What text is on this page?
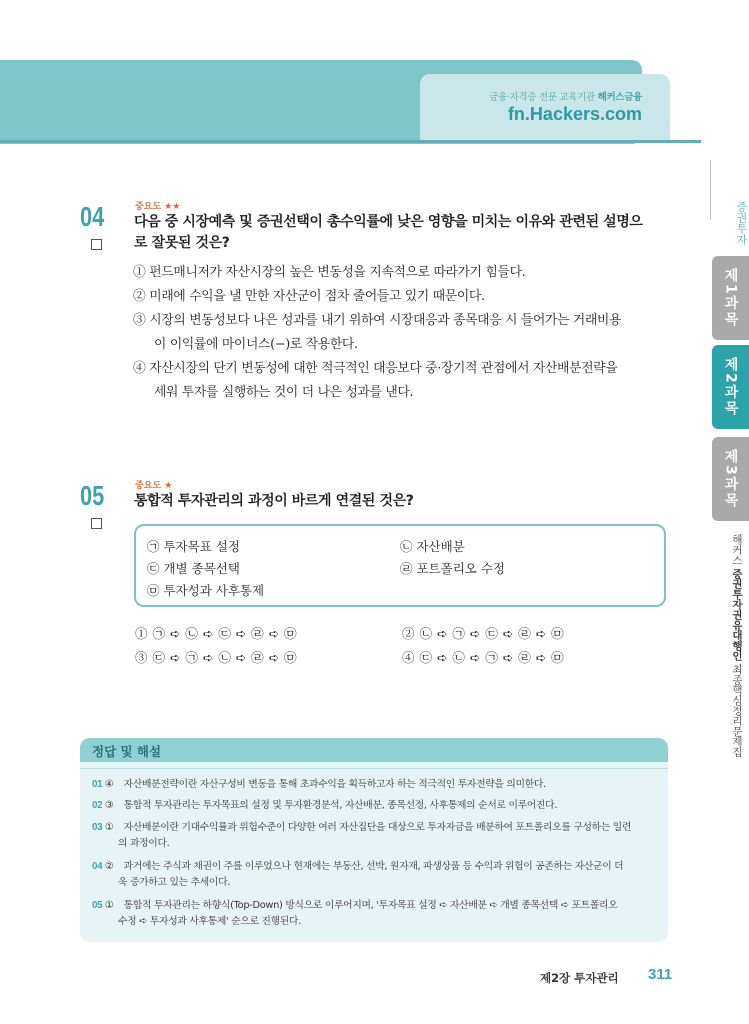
금융·자격증 전문 교육기관 해커스금융
fn.Hackers.com
증권투자
제1과목
제2과목
제3과목
해커스 증권투자권유대행인 최종핵심정리문제집
중요도 ★★
04 다음 중 시장예측 및 증권선택이 총수익률에 낮은 영향을 미치는 이유와 관련된 설명으
로 잘못된 것은?
① 펀드매니저가 자산시장의 높은 변동성을 지속적으로 따라가기 힘들다.
② 미래에 수익을 낼 만한 자산군이 점차 줄어들고 있기 때문이다.
③ 시장의 변동성보다 나은 성과를 내기 위하여 시장대응과 종목대응 시 들어가는 거래비용
이 이익률에 마이너스(−)로 작용한다.
④ 자산시장의 단기 변동성에 대한 적극적인 대응보다 중·장기적 관점에서 자산배분전략을
세워 투자를 실행하는 것이 더 나은 성과를 낸다.
중요도 ★
05 통합적 투자관리의 과정이 바르게 연결된 것은?
㉠ 투자목표 설정	㉡ 자산배분
㉢ 개별 종목선택	㉣ 포트폴리오 수정
㉤ 투자성과 사후통제
① ㉠ ➪ ㉡ ➪ ㉢ ➪ ㉣ ➪ ㉤	② ㉡ ➪ ㉠ ➪ ㉢ ➪ ㉣ ➪ ㉤
③ ㉢ ➪ ㉠ ➪ ㉡ ➪ ㉣ ➪ ㉤	④ ㉢ ➪ ㉡ ➪ ㉠ ➪ ㉣ ➪ ㉤
정답 및 해설
01 ④ 자산배분전략이란 자산구성비 변동을 통해 초과수익을 획득하고자 하는 적극적인 투자전략을 의미한다.
02 ③ 통합적 투자관리는 투자목표의 설정 및 투자환경분석, 자산배분, 종목선정, 사후통제의 순서로 이루어진다.
03 ① 자산배분이란 기대수익률과 위험수준이 다양한 여러 자산집단을 대상으로 투자자금을 배분하여 포트폴리오를 구성하는 일련
의 과정이다.
04 ② 과거에는 주식과 채권이 주를 이루었으나 현재에는 부동산, 선박, 원자재, 파생상품 등 수익과 위험이 공존하는 자산군이 더
욱 증가하고 있는 추세이다.
05 ① 통합적 투자관리는 하향식(Top-Down) 방식으로 이루어지며, '투자목표 설정 ➪ 자산배분 ➪ 개별 종목선택 ➪ 포트폴리오
수정 ➪ 투자성과 사후통제' 순으로 진행된다.
제2장 투자관리 311
